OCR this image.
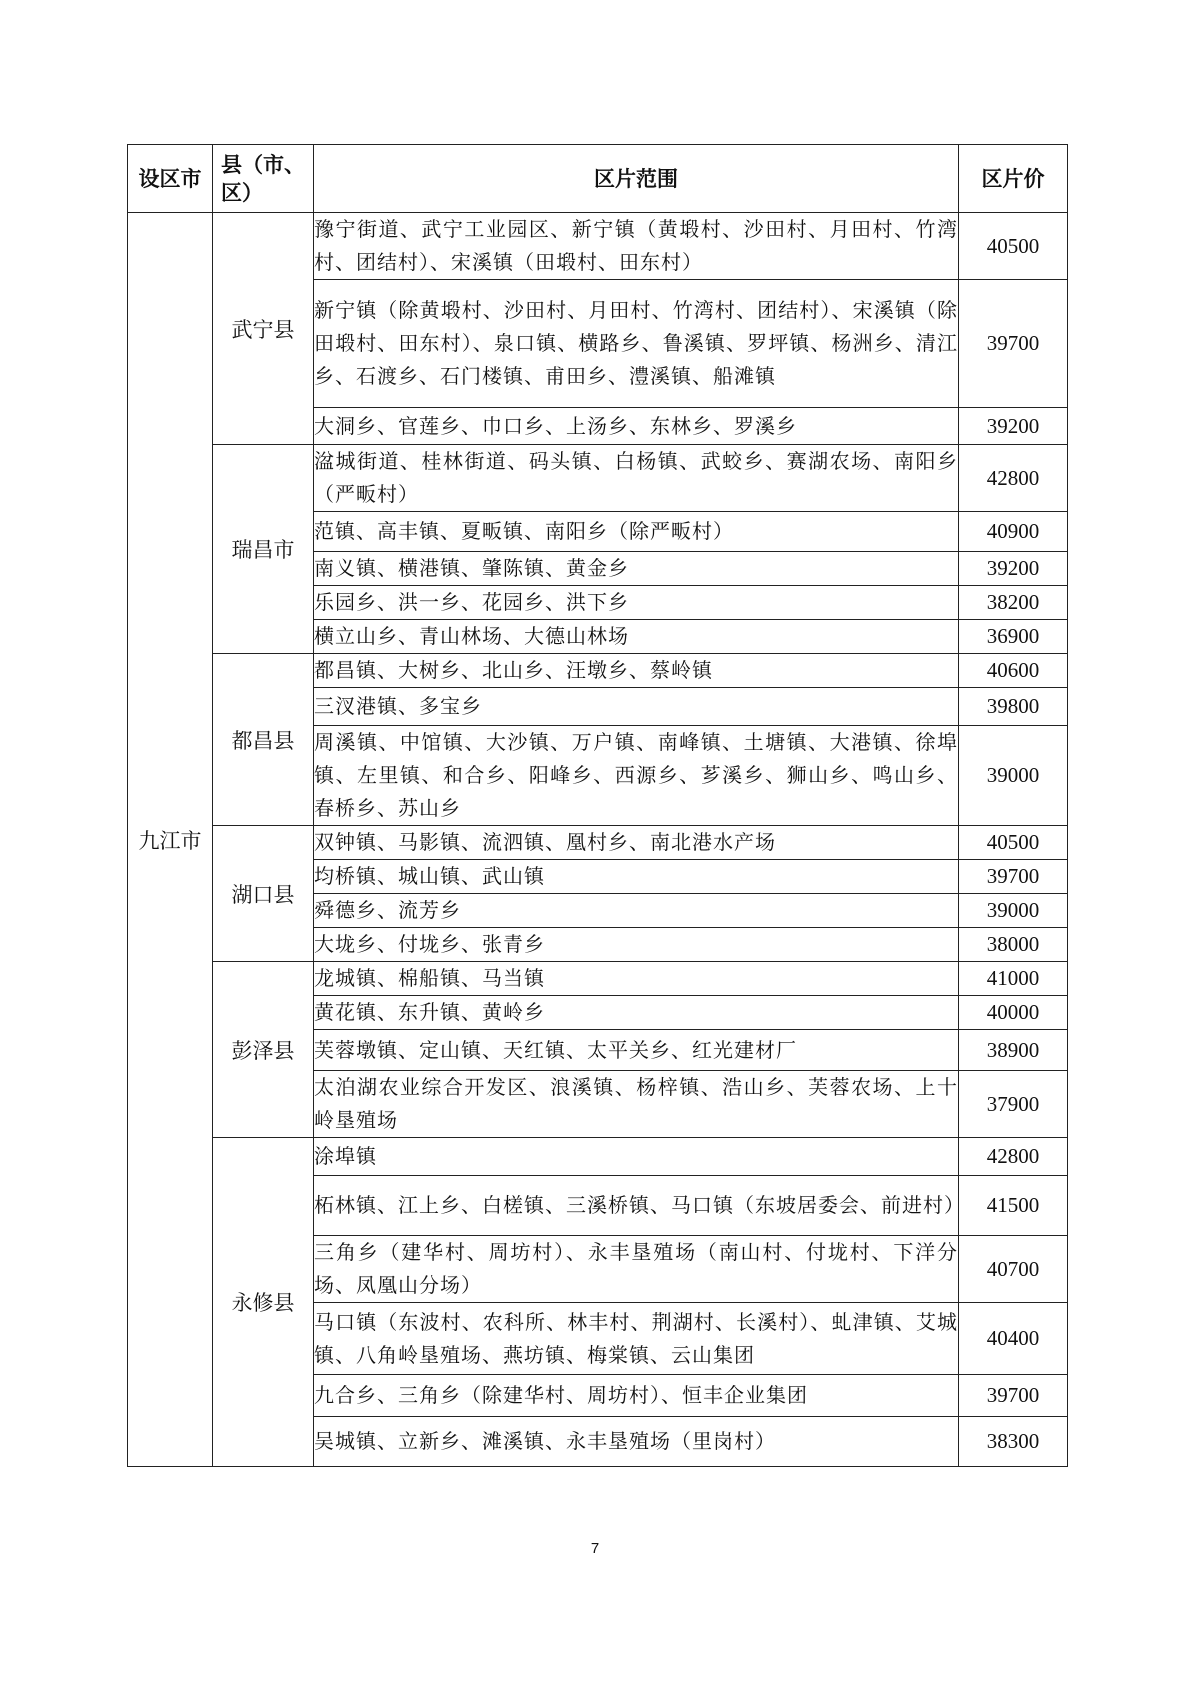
设区市	县（市、区）	区片范围	区片价
九江市	武宁县	豫宁街道、武宁工业园区、新宁镇（黄塅村、沙田村、月田村、竹湾村、团结村）、宋溪镇（田塅村、田东村）	40500
		新宁镇（除黄塅村、沙田村、月田村、竹湾村、团结村）、宋溪镇（除田塅村、田东村）、泉口镇、横路乡、鲁溪镇、罗坪镇、杨洲乡、清江乡、石渡乡、石门楼镇、甫田乡、澧溪镇、船滩镇	39700
		大洞乡、官莲乡、巾口乡、上汤乡、东林乡、罗溪乡	39200
	瑞昌市	湓城街道、桂林街道、码头镇、白杨镇、武蛟乡、赛湖农场、南阳乡（严畈村）	42800
		范镇、高丰镇、夏畈镇、南阳乡（除严畈村）	40900
		南义镇、横港镇、肇陈镇、黄金乡	39200
		乐园乡、洪一乡、花园乡、洪下乡	38200
		横立山乡、青山林场、大德山林场	36900
	都昌县	都昌镇、大树乡、北山乡、汪墩乡、蔡岭镇	40600
		三汊港镇、多宝乡	39800
		周溪镇、中馆镇、大沙镇、万户镇、南峰镇、土塘镇、大港镇、徐埠镇、左里镇、和合乡、阳峰乡、西源乡、芗溪乡、狮山乡、鸣山乡、春桥乡、苏山乡	39000
	湖口县	双钟镇、马影镇、流泗镇、凰村乡、南北港水产场	40500
		均桥镇、城山镇、武山镇	39700
		舜德乡、流芳乡	39000
		大垅乡、付垅乡、张青乡	38000
	彭泽县	龙城镇、棉船镇、马当镇	41000
		黄花镇、东升镇、黄岭乡	40000
		芙蓉墩镇、定山镇、天红镇、太平关乡、红光建材厂	38900
		太泊湖农业综合开发区、浪溪镇、杨梓镇、浩山乡、芙蓉农场、上十岭垦殖场	37900
	永修县	涂埠镇	42800
		柘林镇、江上乡、白槎镇、三溪桥镇、马口镇（东坡居委会、前进村）	41500
		三角乡（建华村、周坊村）、永丰垦殖场（南山村、付垅村、下洋分场、凤凰山分场）	40700
		马口镇（东波村、农科所、林丰村、荆湖村、长溪村）、虬津镇、艾城镇、八角岭垦殖场、燕坊镇、梅棠镇、云山集团	40400
		九合乡、三角乡（除建华村、周坊村）、恒丰企业集团	39700
		吴城镇、立新乡、滩溪镇、永丰垦殖场（里岗村）	38300
7
